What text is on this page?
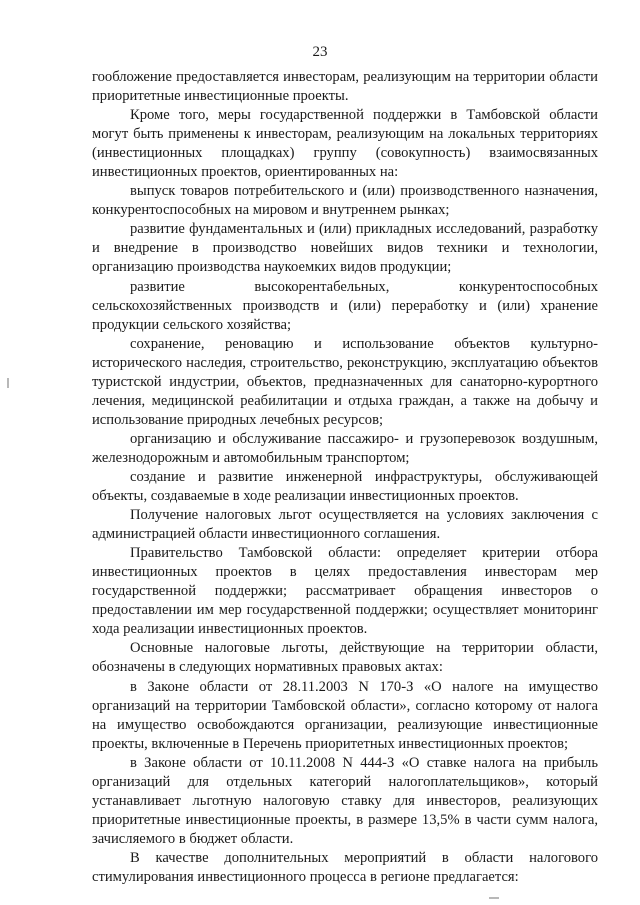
23

гообложение предоставляется инвесторам, реализующим на территории области приоритетные инвестиционные проекты.

Кроме того, меры государственной поддержки в Тамбовской области могут быть применены к инвесторам, реализующим на локальных территориях (инвестиционных площадках) группу (совокупность) взаимосвязанных инвестиционных проектов, ориентированных на:

выпуск товаров потребительского и (или) производственного назначения, конкурентоспособных на мировом и внутреннем рынках;

развитие фундаментальных и (или) прикладных исследований, разработку и внедрение в производство новейших видов техники и технологии, организацию производства наукоемких видов продукции;

развитие высокорентабельных, конкурентоспособных сельскохозяйственных производств и (или) переработку и (или) хранение продукции сельского хозяйства;

сохранение, реновацию и использование объектов культурно-исторического наследия, строительство, реконструкцию, эксплуатацию объектов туристской индустрии, объектов, предназначенных для санаторно-курортного лечения, медицинской реабилитации и отдыха граждан, а также на добычу и использование природных лечебных ресурсов;

организацию и обслуживание пассажиро- и грузоперевозок воздушным, железнодорожным и автомобильным транспортом;

создание и развитие инженерной инфраструктуры, обслуживающей объекты, создаваемые в ходе реализации инвестиционных проектов.

Получение налоговых льгот осуществляется на условиях заключения с администрацией области инвестиционного соглашения.

Правительство Тамбовской области: определяет критерии отбора инвестиционных проектов в целях предоставления инвесторам мер государственной поддержки; рассматривает обращения инвесторов о предоставлении им мер государственной поддержки; осуществляет мониторинг хода реализации инвестиционных проектов.

Основные налоговые льготы, действующие на территории области, обозначены в следующих нормативных правовых актах:

в Законе области от 28.11.2003 N 170-З «О налоге на имущество организаций на территории Тамбовской области», согласно которому от налога на имущество освобождаются организации, реализующие инвестиционные проекты, включенные в Перечень приоритетных инвестиционных проектов;

в Законе области от 10.11.2008 N 444-З «О ставке налога на прибыль организаций для отдельных категорий налогоплательщиков», который устанавливает льготную налоговую ставку для инвесторов, реализующих приоритетные инвестиционные проекты, в размере 13,5% в части сумм налога, зачисляемого в бюджет области.

В качестве дополнительных мероприятий в области налогового стимулирования инвестиционного процесса в регионе предлагается:
